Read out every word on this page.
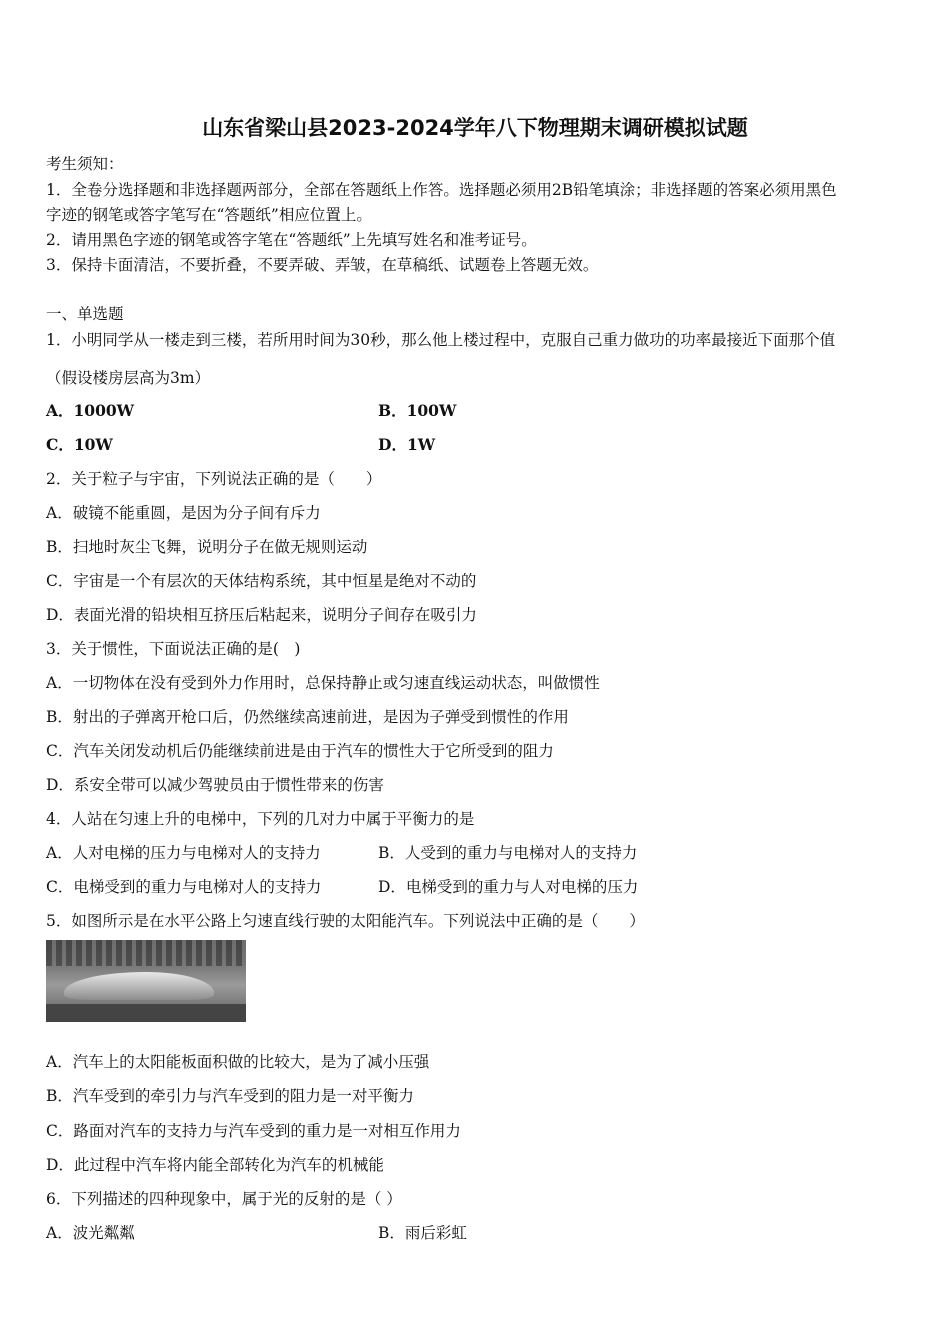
山东省梁山县2023-2024学年八下物理期末调研模拟试题
考生须知：
1．全卷分选择题和非选择题两部分，全部在答题纸上作答。选择题必须用2B铅笔填涂；非选择题的答案必须用黑色
字迹的钢笔或答字笔写在“答题纸”相应位置上。
2．请用黑色字迹的钢笔或答字笔在“答题纸”上先填写姓名和准考证号。
3．保持卡面清洁，不要折叠，不要弄破、弄皱，在草稿纸、试题卷上答题无效。
一、单选题
1．小明同学从一楼走到三楼，若所用时间为30秒，那么他上楼过程中，克服自己重力做功的功率最接近下面那个值
（假设楼房层高为3m）
A．1000W	B．100W
C．10W	D．1W
2．关于粒子与宇宙，下列说法正确的是（　　）
A．破镜不能重圆，是因为分子间有斥力
B．扫地时灰尘飞舞，说明分子在做无规则运动
C．宇宙是一个有层次的天体结构系统，其中恒星是绝对不动的
D．表面光滑的铅块相互挤压后粘起来，说明分子间存在吸引力
3．关于惯性，下面说法正确的是(　)
A．一切物体在没有受到外力作用时，总保持静止或匀速直线运动状态，叫做惯性
B．射出的子弹离开枪口后，仍然继续高速前进，是因为子弹受到惯性的作用
C．汽车关闭发动机后仍能继续前进是由于汽车的惯性大于它所受到的阻力
D．系安全带可以减少驾驶员由于惯性带来的伤害
4．人站在匀速上升的电梯中，下列的几对力中属于平衡力的是
A．人对电梯的压力与电梯对人的支持力	B．人受到的重力与电梯对人的支持力
C．电梯受到的重力与电梯对人的支持力	D．电梯受到的重力与人对电梯的压力
5．如图所示是在水平公路上匀速直线行驶的太阳能汽车。下列说法中正确的是（　　）
A．汽车上的太阳能板面积做的比较大，是为了减小压强
B．汽车受到的牵引力与汽车受到的阻力是一对平衡力
C．路面对汽车的支持力与汽车受到的重力是一对相互作用力
D．此过程中汽车将内能全部转化为汽车的机械能
6．下列描述的四种现象中，属于光的反射的是（ ）
A．波光粼粼	B．雨后彩虹
